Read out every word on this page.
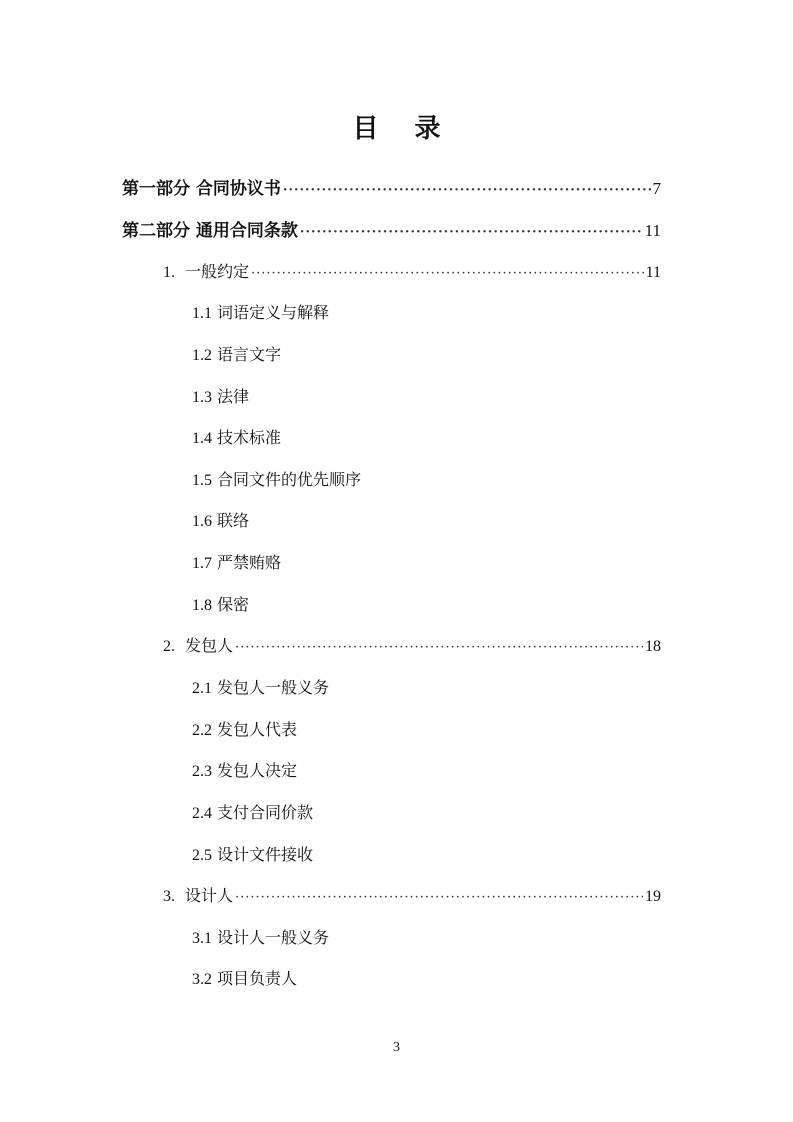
目 录
第一部分 合同协议书 ·····	7
第二部分 通用合同条款 ·····	11
1. 一般约定 ·····	11
1.1 词语定义与解释
1.2 语言文字
1.3 法律
1.4 技术标准
1.5 合同文件的优先顺序
1.6 联络
1.7 严禁贿赂
1.8 保密
2. 发包人 ·····	18
2.1 发包人一般义务
2.2 发包人代表
2.3 发包人决定
2.4 支付合同价款
2.5 设计文件接收
3. 设计人 ·····	19
3.1 设计人一般义务
3.2 项目负责人
3
